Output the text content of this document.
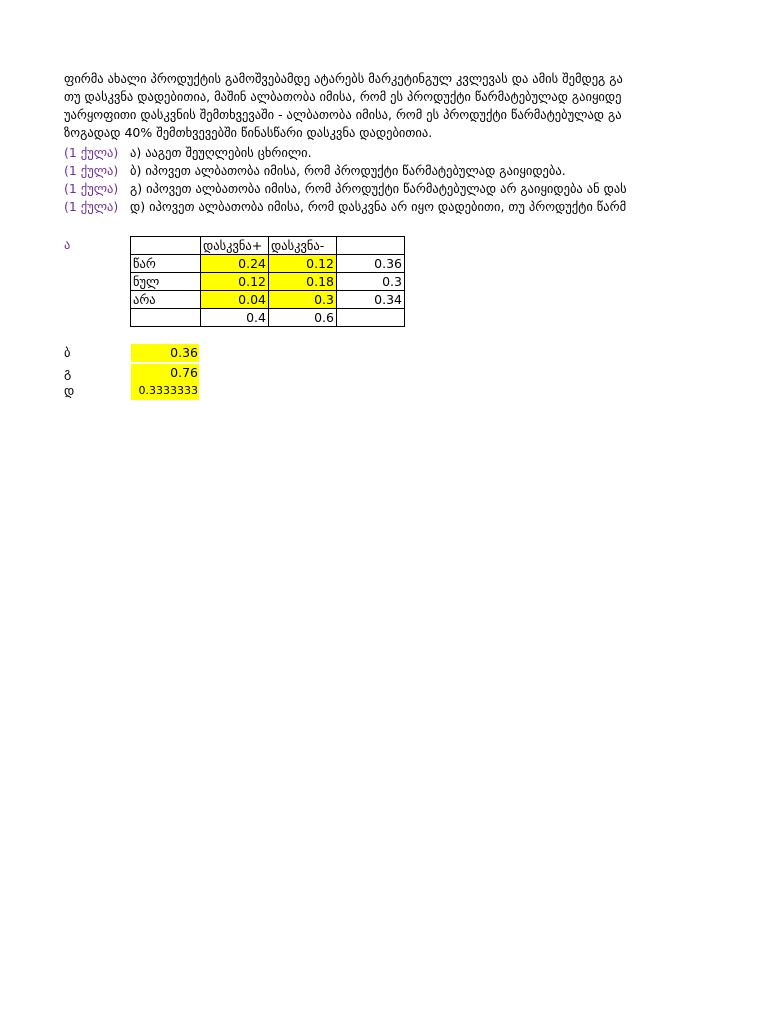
ფირმა ახალი პროდუქტის გამოშვებამდე ატარებს მარკეტინგულ კვლევას და ამის შემდეგ გა
თუ დასკვნა დადებითია, მაშინ ალბათობა იმისა, რომ ეს პროდუქტი წარმატებულად გაიყიდე
უარყოფითი დასკვნის შემთხვევაში - ალბათობა იმისა, რომ ეს პროდუქტი წარმატებულად გა
ზოგადად 40% შემთხვევებში წინასწარი დასკვნა დადებითია.
(1 ქულა) ა) ააგეთ შეუღლების ცხრილი.
(1 ქულა) ბ) იპოვეთ ალბათობა იმისა, რომ პროდუქტი წარმატებულად გაიყიდება.
(1 ქულა) გ) იპოვეთ ალბათობა იმისა, რომ პროდუქტი წარმატებულად არ გაიყიდება ან დას
(1 ქულა) დ) იპოვეთ ალბათობა იმისა, რომ დასკვნა არ იყო დადებითი, თუ პროდუქტი წარმ
ა
		დასკვნა+	დასკვნა-	
წარ	0.24	0.12	0.36
ნულ	0.12	0.18	0.3
არა	0.04	0.3	0.34
	0.4	0.6	
ბ	0.36
გ	0.76
დ	0.3333333
